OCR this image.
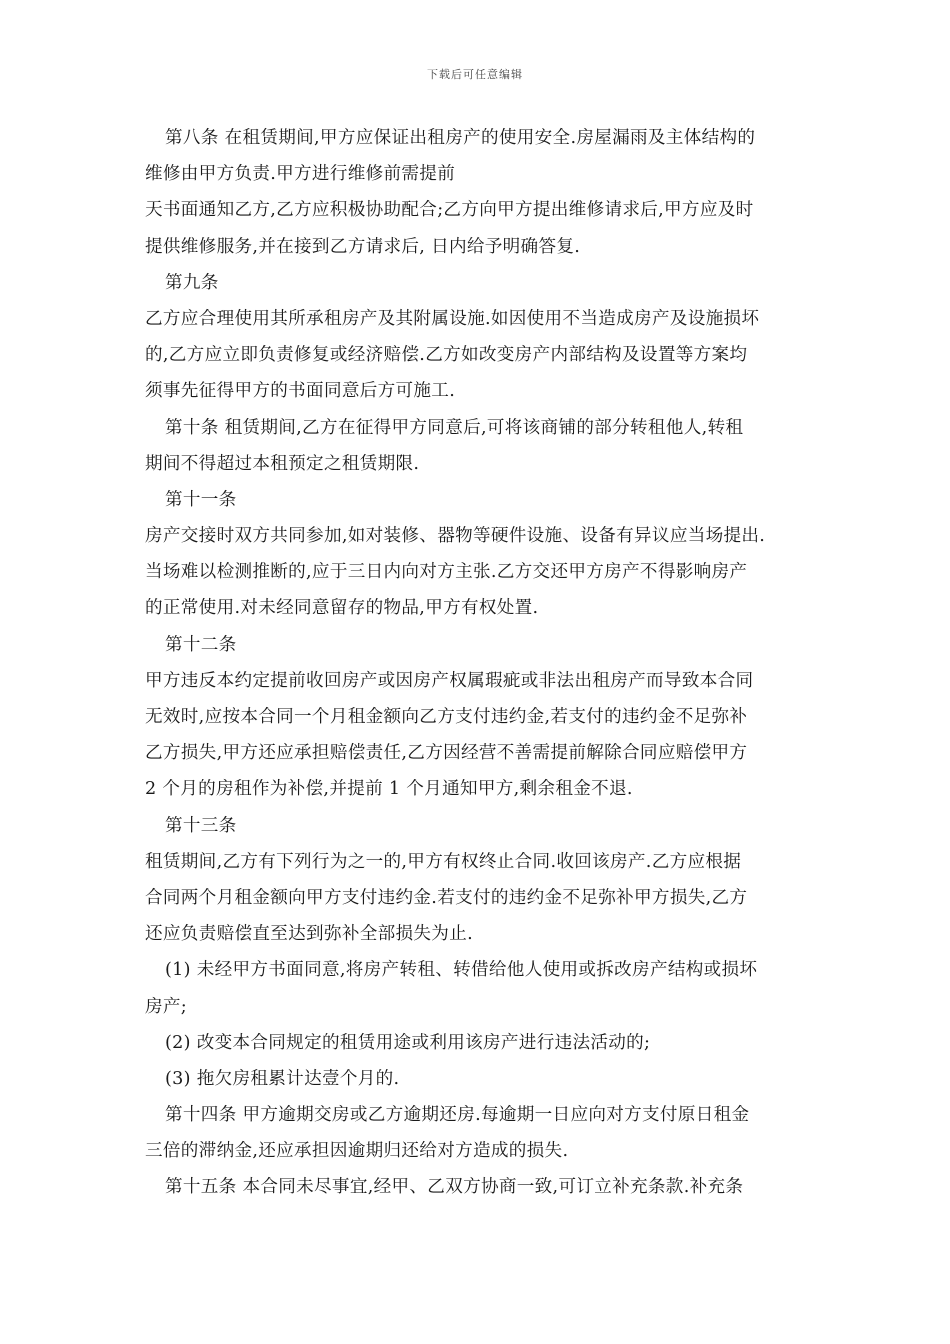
下载后可任意编辑
第八条 在租赁期间,甲方应保证出租房产的使用安全.房屋漏雨及主体结构的
维修由甲方负责.甲方进行维修前需提前
天书面通知乙方,乙方应积极协助配合;乙方向甲方提出维修请求后,甲方应及时
提供维修服务,并在接到乙方请求后, 日内给予明确答复.
第九条
乙方应合理使用其所承租房产及其附属设施.如因使用不当造成房产及设施损坏
的,乙方应立即负责修复或经济赔偿.乙方如改变房产内部结构及设置等方案均
须事先征得甲方的书面同意后方可施工.
第十条 租赁期间,乙方在征得甲方同意后,可将该商铺的部分转租他人,转租
期间不得超过本租预定之租赁期限.
第十一条
房产交接时双方共同参加,如对装修、器物等硬件设施、设备有异议应当场提出.
当场难以检测推断的,应于三日内向对方主张.乙方交还甲方房产不得影响房产
的正常使用.对未经同意留存的物品,甲方有权处置.
第十二条
甲方违反本约定提前收回房产或因房产权属瑕疵或非法出租房产而导致本合同
无效时,应按本合同一个月租金额向乙方支付违约金,若支付的违约金不足弥补
乙方损失,甲方还应承担赔偿责任,乙方因经营不善需提前解除合同应赔偿甲方
2 个月的房租作为补偿,并提前 1 个月通知甲方,剩余租金不退.
第十三条
租赁期间,乙方有下列行为之一的,甲方有权终止合同.收回该房产.乙方应根据
合同两个月租金额向甲方支付违约金.若支付的违约金不足弥补甲方损失,乙方
还应负责赔偿直至达到弥补全部损失为止.
(1) 未经甲方书面同意,将房产转租、转借给他人使用或拆改房产结构或损坏
房产;
(2) 改变本合同规定的租赁用途或利用该房产进行违法活动的;
(3) 拖欠房租累计达壹个月的.
第十四条 甲方逾期交房或乙方逾期还房.每逾期一日应向对方支付原日租金
三倍的滞纳金,还应承担因逾期归还给对方造成的损失.
第十五条 本合同未尽事宜,经甲、乙双方协商一致,可订立补充条款.补充条
